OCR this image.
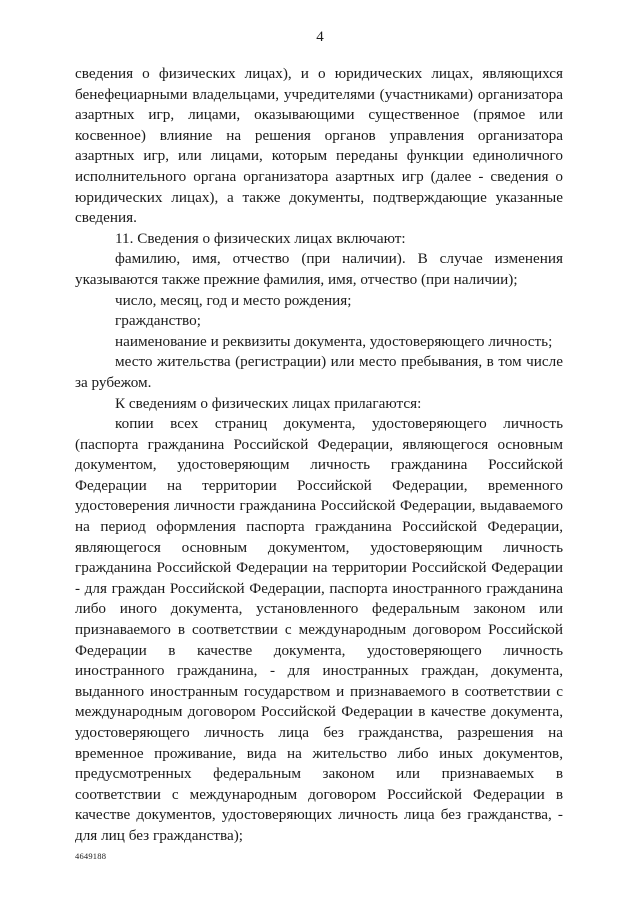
4

сведения о физических лицах), и о юридических лицах, являющихся бенефециарными владельцами, учредителями (участниками) организатора азартных игр, лицами, оказывающими существенное (прямое или косвенное) влияние на решения органов управления организатора азартных игр, или лицами, которым переданы функции единоличного исполнительного органа организатора азартных игр (далее - сведения о юридических лицах), а также документы, подтверждающие указанные сведения.

11. Сведения о физических лицах включают:

фамилию, имя, отчество (при наличии). В случае изменения указываются также прежние фамилия, имя, отчество (при наличии);

число, месяц, год и место рождения;

гражданство;

наименование и реквизиты документа, удостоверяющего личность;

место жительства (регистрации) или место пребывания, в том числе за рубежом.

К сведениям о физических лицах прилагаются:

копии всех страниц документа, удостоверяющего личность (паспорта гражданина Российской Федерации, являющегося основным документом, удостоверяющим личность гражданина Российской Федерации на территории Российской Федерации, временного удостоверения личности гражданина Российской Федерации, выдаваемого на период оформления паспорта гражданина Российской Федерации, являющегося основным документом, удостоверяющим личность гражданина Российской Федерации на территории Российской Федерации - для граждан Российской Федерации, паспорта иностранного гражданина либо иного документа, установленного федеральным законом или признаваемого в соответствии с международным договором Российской Федерации в качестве документа, удостоверяющего личность иностранного гражданина, - для иностранных граждан, документа, выданного иностранным государством и признаваемого в соответствии с международным договором Российской Федерации в качестве документа, удостоверяющего личность лица без гражданства, разрешения на временное проживание, вида на жительство либо иных документов, предусмотренных федеральным законом или признаваемых в соответствии с международным договором Российской Федерации в качестве документов, удостоверяющих личность лица без гражданства, - для лиц без гражданства);

4649188
